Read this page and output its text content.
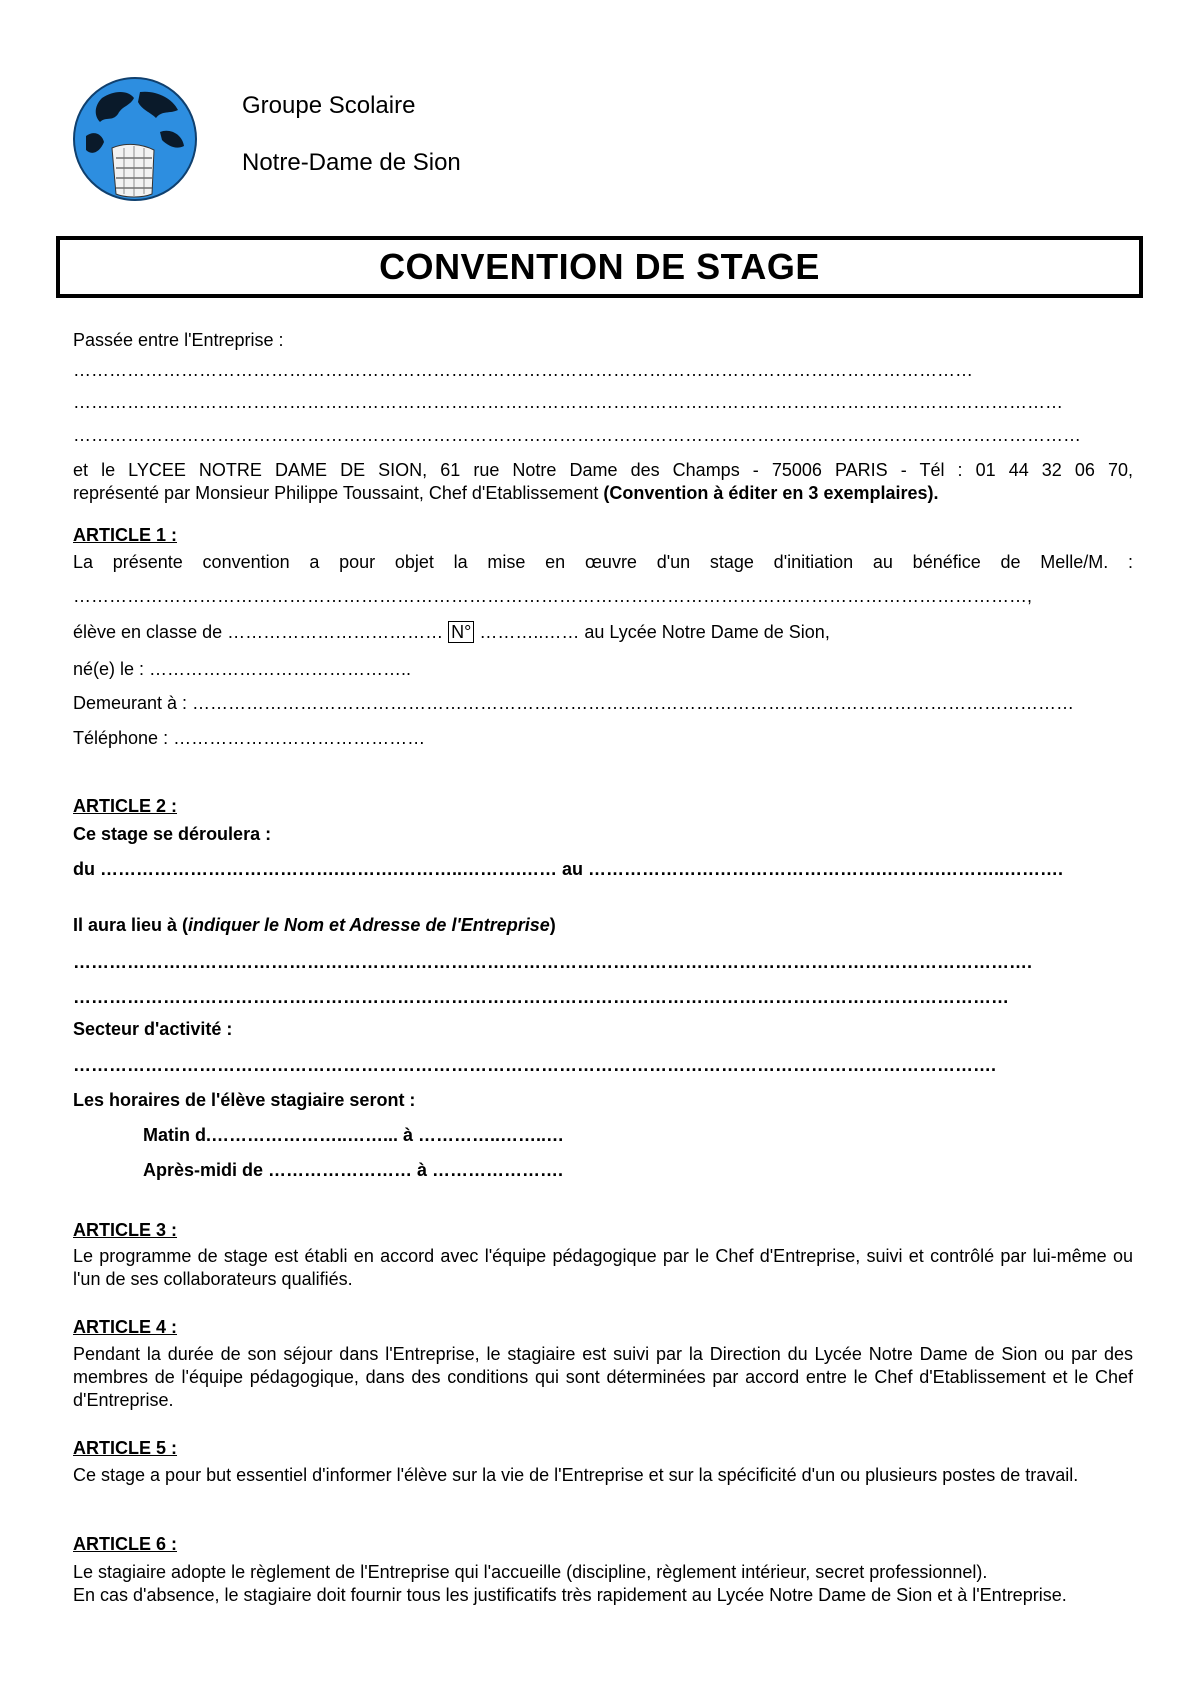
Groupe Scolaire
Notre-Dame de Sion
CONVENTION DE STAGE
Passée entre l'Entreprise :
……………………………………………………………………………………………………………………………………
…………………………………………………………………………………………………………………………………………………
……………………………………………………………………………………………………………………………………………………
et le LYCEE NOTRE DAME DE SION, 61 rue Notre Dame des Champs - 75006 PARIS - Tél : 01 44 32 06 70,
représenté par Monsieur Philippe Toussaint, Chef d'Etablissement (Convention à éditer en 3 exemplaires).
ARTICLE 1 :
La présente convention a pour objet la mise en œuvre d'un stage d'initiation au bénéfice de Melle/M. :
……………………………………………………………………………………………………………………………………………,
élève en classe de ……………………………… N° ………..…… au Lycée Notre Dame de Sion,
né(e) le : ……………………………………..
Demeurant à : …………………………………………………………………………………………………………………………………
Téléphone : ……………………………………
ARTICLE 2 :
Ce stage se déroulera :
du ………………………………….……….………..……….…… au ………………………………………….……….………..……….
Il aura lieu à (indiquer le Nom et Adresse de l'Entreprise)
…………………………………………………………………………………………………………………………………………….
…………………………………………………………………………………………………………………………………………
Secteur d'activité :
……………………………………………………………………………………………………………………………………….
Les horaires de l'élève stagiaire seront :
Matin d.…………………..……... à …………..……..…
Après-midi de …………………… à ………………….
ARTICLE 3 :
Le programme de stage est établi en accord avec l'équipe pédagogique par le Chef d'Entreprise, suivi et contrôlé par lui-même ou l'un de ses collaborateurs qualifiés.
ARTICLE 4 :
Pendant la durée de son séjour dans l'Entreprise, le stagiaire est suivi par la Direction du Lycée Notre Dame de Sion ou par des membres de l'équipe pédagogique, dans des conditions qui sont déterminées par accord entre le Chef d'Etablissement et le Chef d'Entreprise.
ARTICLE 5 :
Ce stage a pour but essentiel d'informer l'élève sur la vie de l'Entreprise et sur la spécificité d'un ou plusieurs postes de travail.
ARTICLE 6 :
Le stagiaire adopte le règlement de l'Entreprise qui l'accueille (discipline, règlement intérieur, secret professionnel).
En cas d'absence, le stagiaire doit fournir tous les justificatifs très rapidement au Lycée Notre Dame de Sion et à l'Entreprise.
